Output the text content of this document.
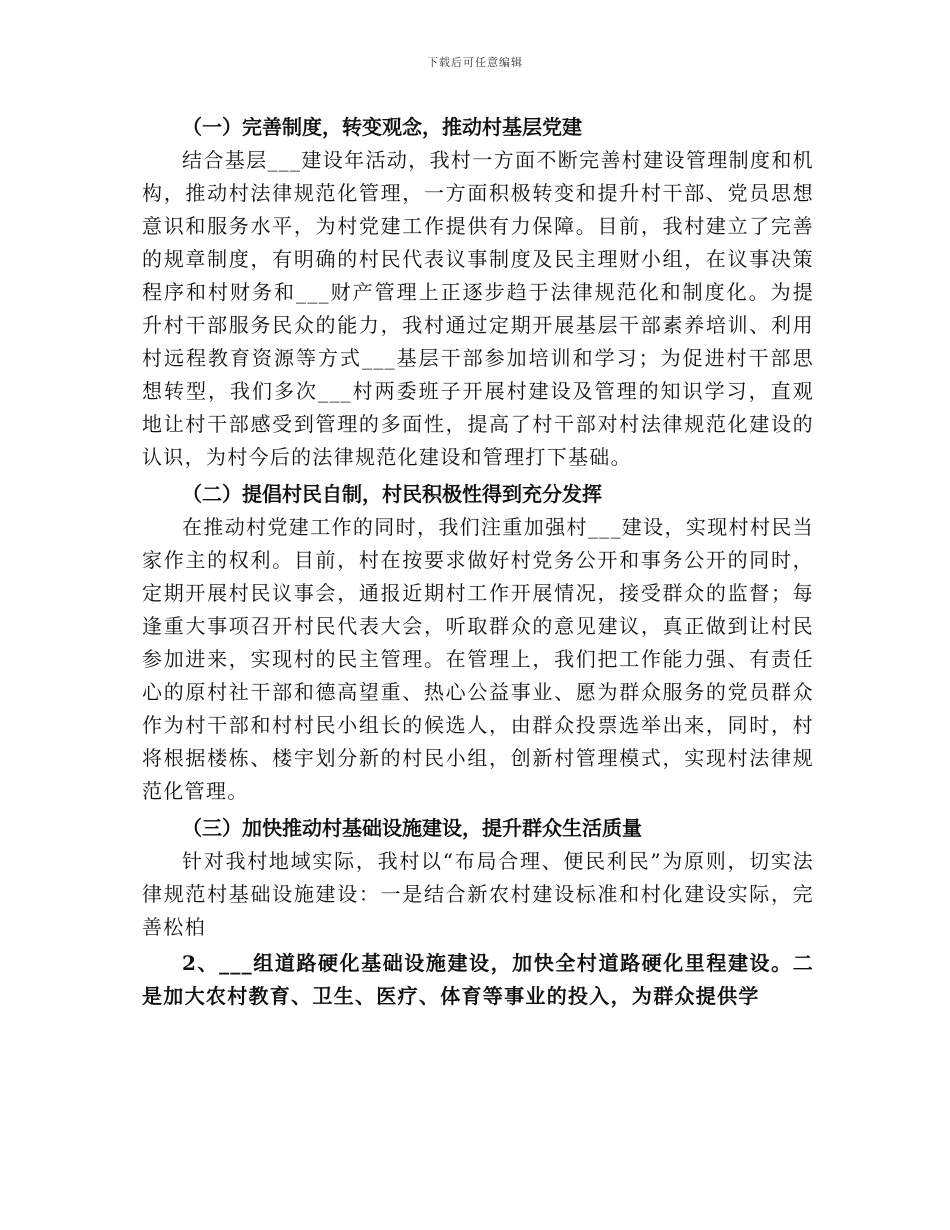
下载后可任意编辑
（一）完善制度，转变观念，推动村基层党建

结合基层___建设年活动，我村一方面不断完善村建设管理制度和机构，推动村法律规范化管理，一方面积极转变和提升村干部、党员思想意识和服务水平，为村党建工作提供有力保障。目前，我村建立了完善的规章制度，有明确的村民代表议事制度及民主理财小组，在议事决策程序和村财务和___财产管理上正逐步趋于法律规范化和制度化。为提升村干部服务民众的能力，我村通过定期开展基层干部素养培训、利用村远程教育资源等方式___基层干部参加培训和学习；为促进村干部思想转型，我们多次___村两委班子开展村建设及管理的知识学习，直观地让村干部感受到管理的多面性，提高了村干部对村法律规范化建设的认识，为村今后的法律规范化建设和管理打下基础。

（二）提倡村民自制，村民积极性得到充分发挥

在推动村党建工作的同时，我们注重加强村___建设，实现村村民当家作主的权利。目前，村在按要求做好村党务公开和事务公开的同时，定期开展村民议事会，通报近期村工作开展情况，接受群众的监督；每逢重大事项召开村民代表大会，听取群众的意见建议，真正做到让村民参加进来，实现村的民主管理。在管理上，我们把工作能力强、有责任心的原村社干部和德高望重、热心公益事业、愿为群众服务的党员群众作为村干部和村村民小组长的候选人，由群众投票选举出来，同时，村将根据楼栋、楼宇划分新的村民小组，创新村管理模式，实现村法律规范化管理。

（三）加快推动村基础设施建设，提升群众生活质量

针对我村地域实际，我村以“布局合理、便民利民”为原则，切实法律规范村基础设施建设：一是结合新农村建设标准和村化建设实际，完善松柏

2、___组道路硬化基础设施建设，加快全村道路硬化里程建设。二是加大农村教育、卫生、医疗、体育等事业的投入，为群众提供学
